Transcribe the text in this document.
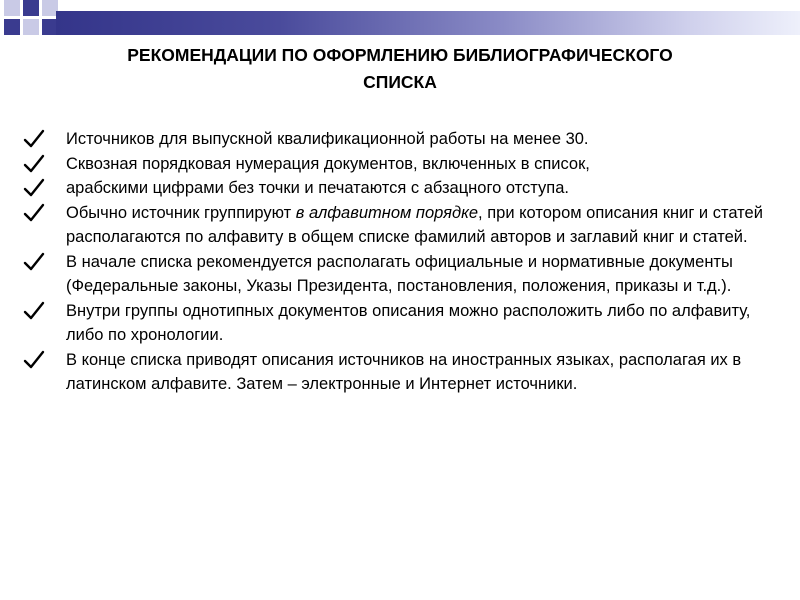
РЕКОМЕНДАЦИИ ПО ОФОРМЛЕНИЮ БИБЛИОГРАФИЧЕСКОГО
СПИСКА
Источников для выпускной квалификационной работы на менее 30.
Сквозная порядковая нумерация документов, включенных в список,
арабскими цифрами без точки и печатаются с абзацного отступа.
Обычно источник группируют в алфавитном порядке, при котором описания книг и статей располагаются по алфавиту в общем списке фамилий авторов и заглавий книг и статей.
В начале списка рекомендуется располагать официальные и нормативные документы (Федеральные законы, Указы Президента, постановления, положения, приказы и т.д.).
Внутри группы однотипных документов описания можно расположить либо по алфавиту, либо по хронологии.
В конце списка приводят описания источников на иностранных языках, располагая их в латинском алфавите. Затем – электронные и Интернет источники.
